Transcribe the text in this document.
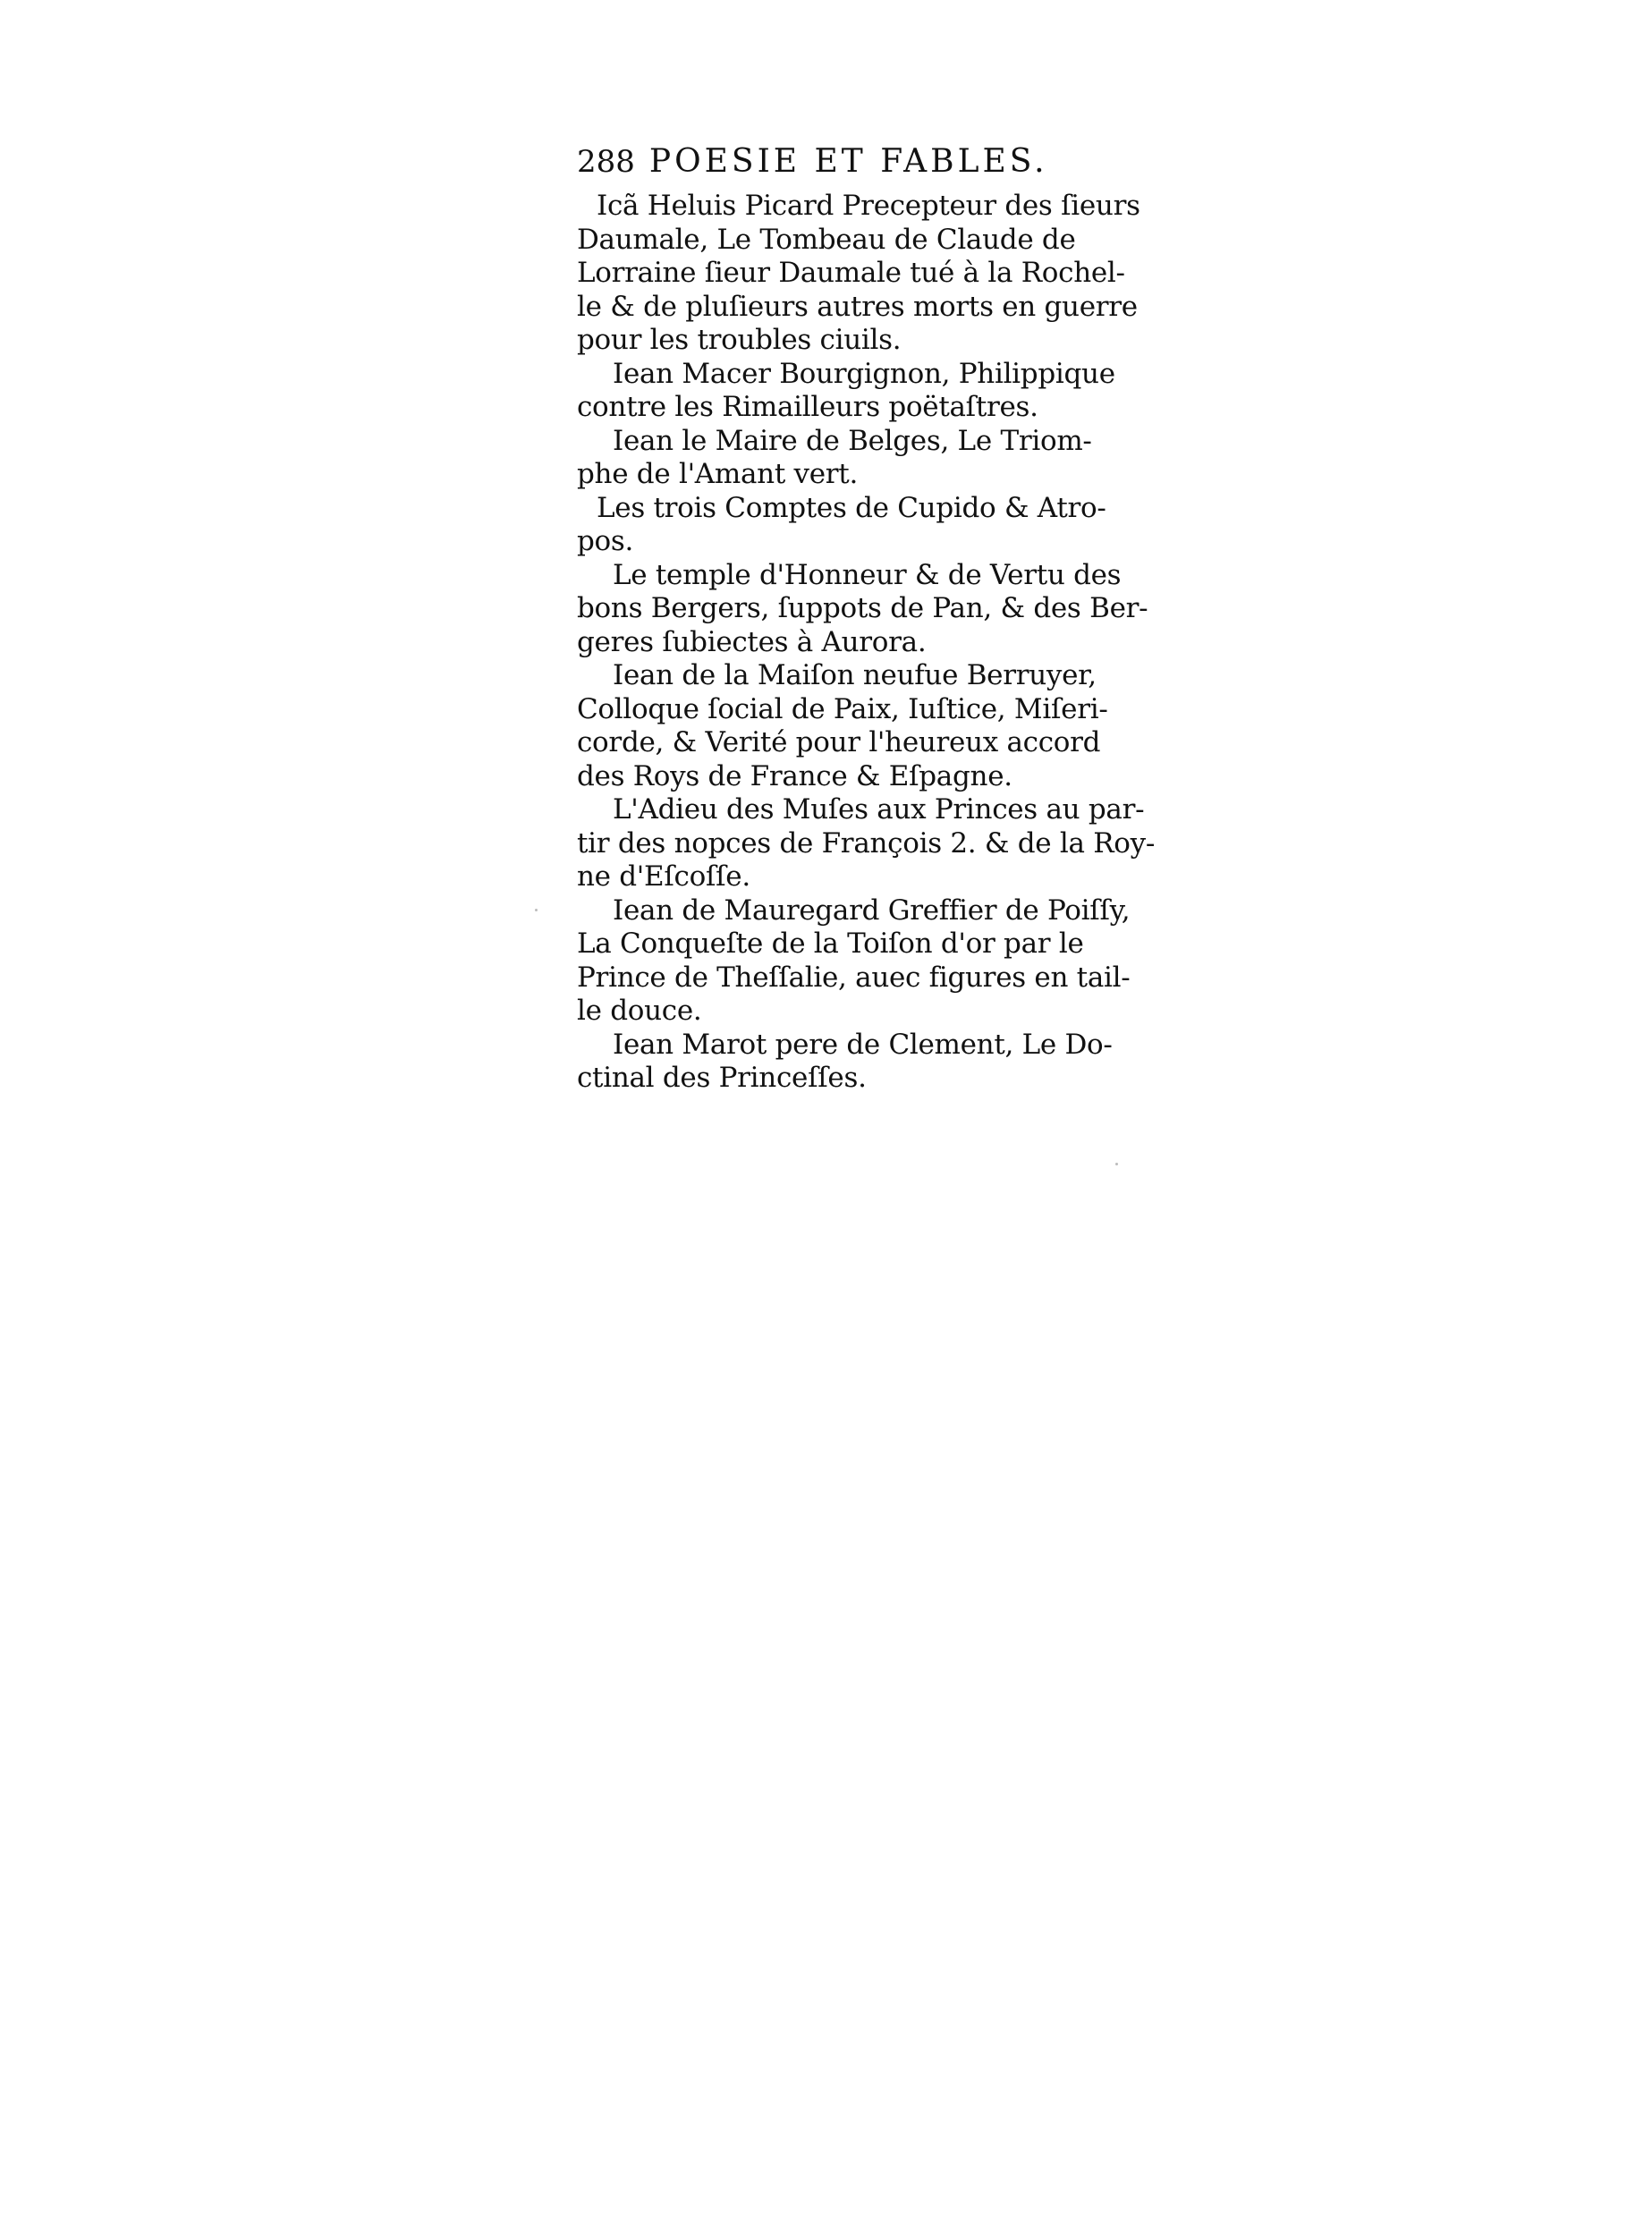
288 POESIE ET FABLES.
Icã Heluis Picard Precepteur des ſieurs
Daumale, Le Tombeau de Claude de
Lorraine ſieur Daumale tué à la Rochel-
le & de pluſieurs autres morts en guerre
pour les troubles ciuils.
Iean Macer Bourgignon, Philippique
contre les Rimailleurs poëtaſtres.
Iean le Maire de Belges, Le Triom-
phe de l'Amant vert.
Les trois Comptes de Cupido & Atro-
pos.
Le temple d'Honneur & de Vertu des
bons Bergers, ſuppots de Pan, & des Ber-
geres ſubiectes à Aurora.
Iean de la Maiſon neufue Berruyer,
Colloque ſocial de Paix, Iuſtice, Miſeri-
corde, & Verité pour l'heureux accord
des Roys de France & Eſpagne.
L'Adieu des Muſes aux Princes au par-
tir des nopces de François 2. & de la Roy-
ne d'Eſcoſſe.
Iean de Mauregard Greffier de Poiſſy,
La Conqueſte de la Toiſon d'or par le
Prince de Theſſalie, auec figures en tail-
le douce.
Iean Marot pere de Clement, Le Do-
ctinal des Princeſſes.
